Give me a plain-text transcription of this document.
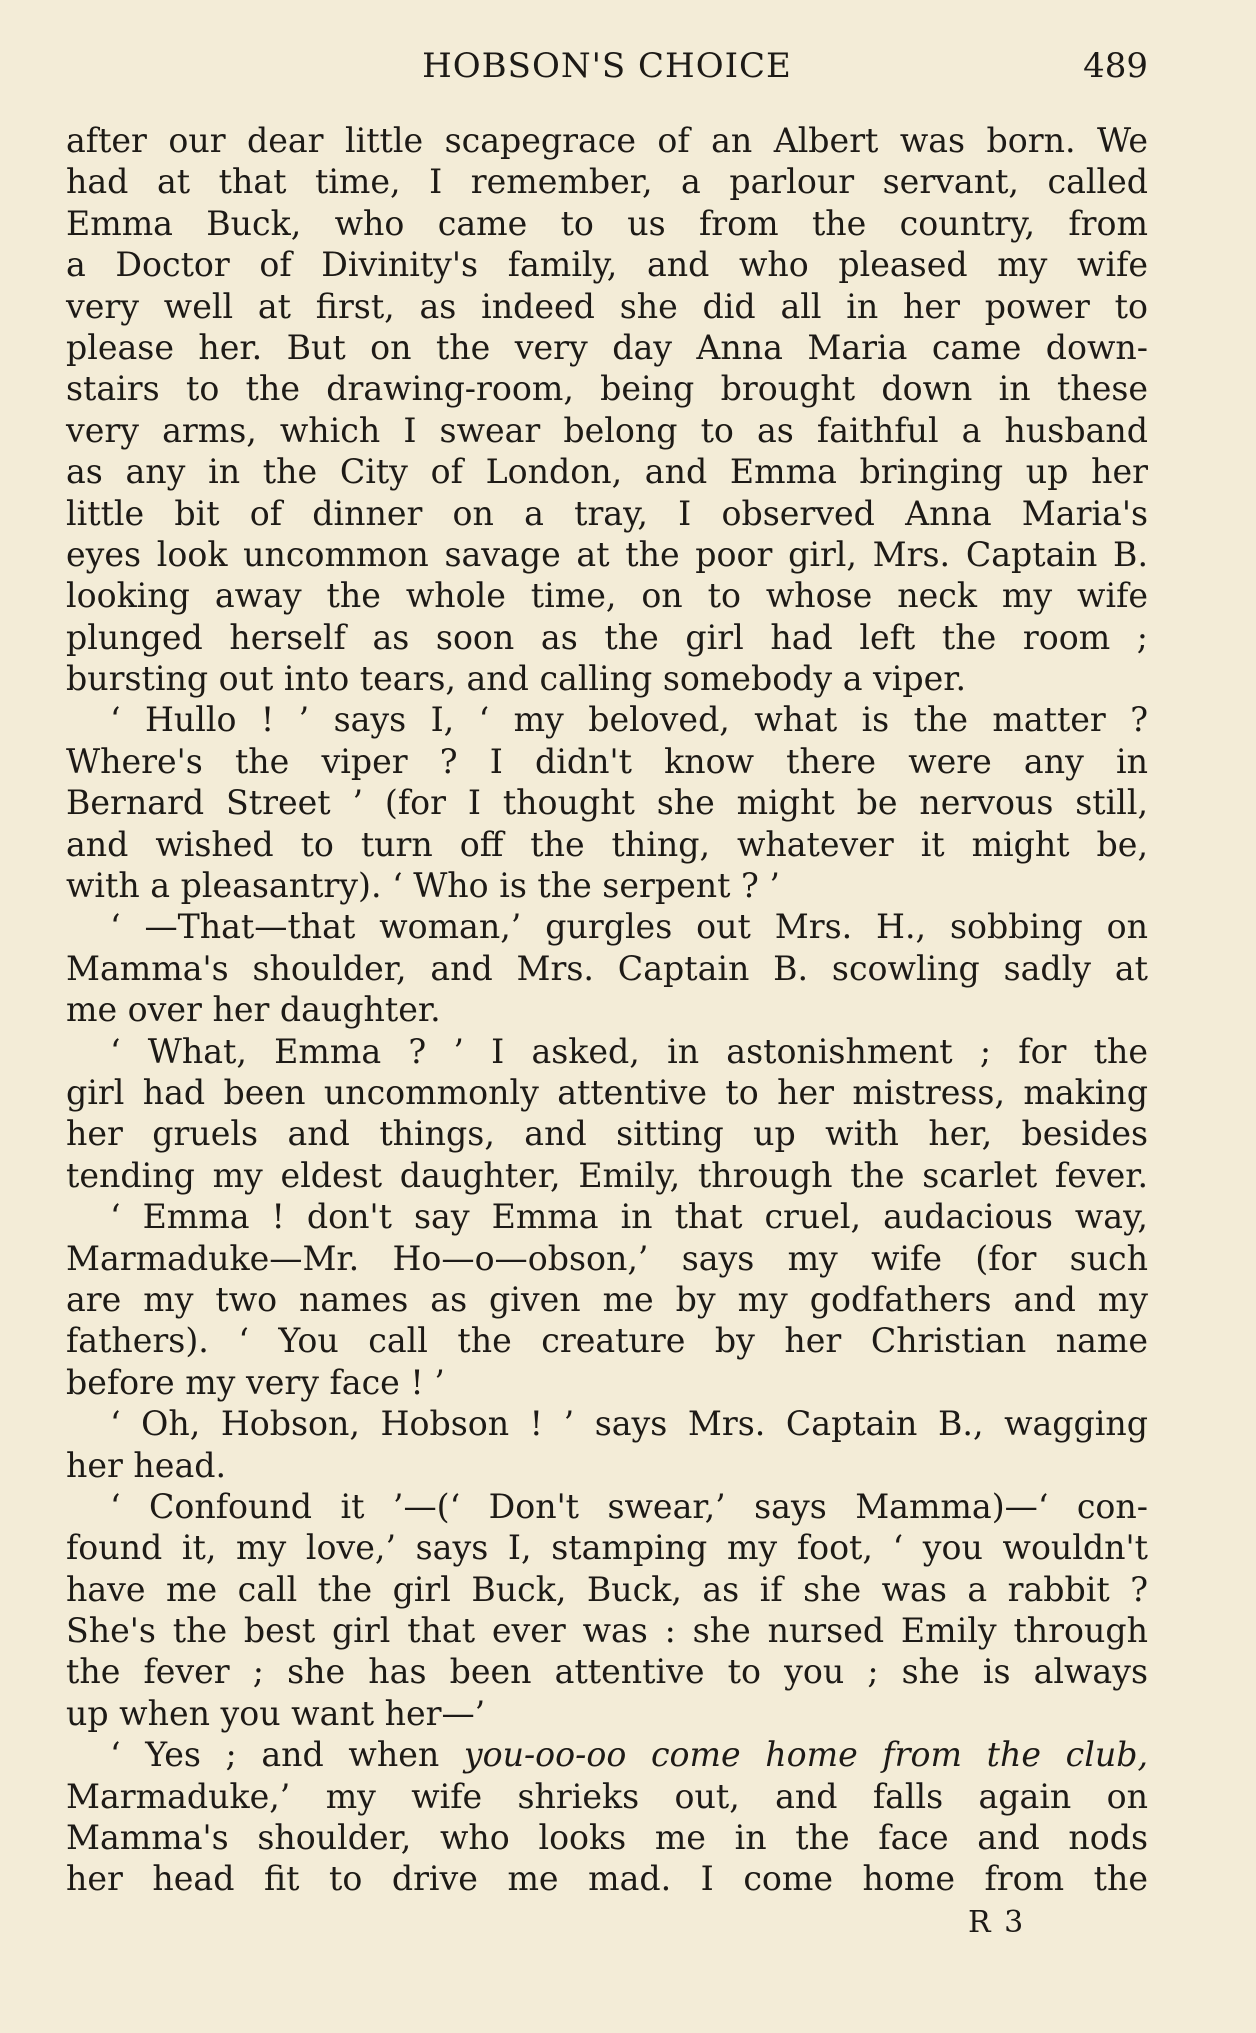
HOBSON'S CHOICE	489
after our dear little scapegrace of an Albert was born. We
had at that time, I remember, a parlour servant, called
Emma Buck, who came to us from the country, from
a Doctor of Divinity's family, and who pleased my wife
very well at first, as indeed she did all in her power to
please her. But on the very day Anna Maria came down-
stairs to the drawing-room, being brought down in these
very arms, which I swear belong to as faithful a husband
as any in the City of London, and Emma bringing up her
little bit of dinner on a tray, I observed Anna Maria's
eyes look uncommon savage at the poor girl, Mrs. Captain B.
looking away the whole time, on to whose neck my wife
plunged herself as soon as the girl had left the room ;
bursting out into tears, and calling somebody a viper.
‘ Hullo ! ’ says I, ‘ my beloved, what is the matter ?
Where's the viper ? I didn't know there were any in
Bernard Street ’ (for I thought she might be nervous still,
and wished to turn off the thing, whatever it might be,
with a pleasantry). ‘ Who is the serpent ? ’
‘ —That—that woman,’ gurgles out Mrs. H., sobbing on
Mamma's shoulder, and Mrs. Captain B. scowling sadly at
me over her daughter.
‘ What, Emma ? ’ I asked, in astonishment ; for the
girl had been uncommonly attentive to her mistress, making
her gruels and things, and sitting up with her, besides
tending my eldest daughter, Emily, through the scarlet fever.
‘ Emma ! don't say Emma in that cruel, audacious way,
Marmaduke—Mr. Ho—o—obson,’ says my wife (for such
are my two names as given me by my godfathers and my
fathers). ‘ You call the creature by her Christian name
before my very face ! ’
‘ Oh, Hobson, Hobson ! ’ says Mrs. Captain B., wagging
her head.
‘ Confound it ’—(‘ Don't swear,’ says Mamma)—‘ con-
found it, my love,’ says I, stamping my foot, ‘ you wouldn't
have me call the girl Buck, Buck, as if she was a rabbit ?
She's the best girl that ever was : she nursed Emily through
the fever ; she has been attentive to you ; she is always
up when you want her—’
‘ Yes ; and when you-oo-oo come home from the club,
Marmaduke,’ my wife shrieks out, and falls again on
Mamma's shoulder, who looks me in the face and nods
her head fit to drive me mad. I come home from the
R 3
